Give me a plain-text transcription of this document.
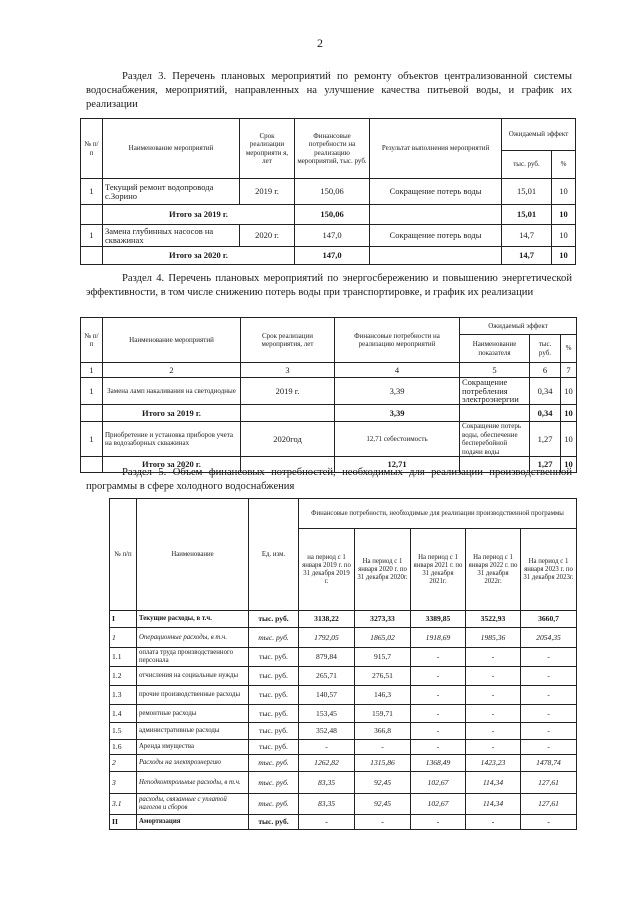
2

Раздел 3. Перечень плановых мероприятий по ремонту объектов централизованной системы водоснабжения, мероприятий, направленных на улучшение качества питьевой воды, и график их реализации

№ п/п	Наименование мероприятий	Срок реализации мероприяти я, лет	Финансовые потребности на реализацию мероприятий, тыс. руб.	Результат выполнения мероприятий	Ожидаемый эффект	
					тыс. руб.	%
1	Текущий ремонт водопровода с.Зорино	2019 г.	150,06	Сокращение потерь воды	15,01	10
	Итого за 2019 г.		150,06		15,01	10
1	Замена глубинных насосов на скважинах	2020 г.	147,0	Сокращение потерь воды	14,7	10
	Итого за 2020 г.		147,0		14,7	10

Раздел 4. Перечень плановых мероприятий по энергосбережению и повышению энергетической эффективности, в том числе снижению потерь воды при транспортировке, и график их реализации

№ п/п	Наименование мероприятий	Срок реализации мероприятия, лет	Финансовые потребности на реализацию мероприятий	Ожидаемый эффект		
				Наименование показателя	тыс. руб.	%
1	2	3	4	5	6	7
1	Замена ламп накаливания на светодиодные	2019 г.	3,39	Сокращение потребления электроэнергии	0,34	10
	Итого за 2019 г.		3,39		0,34	10
1	Приобретение и установка приборов учета на водозаборных скважинах	2020год	12,71 себестоимость	Сокращение потерь воды, обеспечение бесперебойной подачи воды	1,27	10
	Итого за 2020 г.		12,71		1,27	10

Раздел 5. Объем финансовых потребностей, необходимых для реализации производственной программы в сфере холодного водоснабжения

№ п/п	Наименование	Ед. изм.	Финансовые потребности, необходимые для реализации производственной программы				
			на период с 1 января 2019 г. по 31 декабря 2019 г.	На период с 1 января 2020 г. по 31 декабря 2020г.	На период с 1 января 2021 г. по 31 декабря 2021г.	На период с 1 января 2022 г. по 31 декабря 2022г.	На период с 1 января 2023 г. по 31 декабря 2023г.
I	Текущие расходы, в т.ч.	тыс. руб.	3138,22	3273,33	3389,85	3522,93	3660,7
1	Операционные расходы, в т.ч.	тыс. руб.	1792,05	1865,02	1918,69	1985,36	2054,35
1.1	оплата труда производственного персонала	тыс. руб.	879,84	915,7	-	-	-
1.2	отчисления на социальные нужды	тыс. руб.	265,71	276,51	-	-	-
1.3	прочие производственные расходы	тыс. руб.	140,57	146,3	-	-	-
1.4	ремонтные расходы	тыс. руб.	153,45	159,71	-	-	-
1.5	административные расходы	тыс. руб.	352,48	366,8	-	-	-
1.6	Аренда имущества	тыс. руб.	-	-	-	-	-
2	Расходы на электроэнергию	тыс. руб.	1262,82	1315,86	1368,49	1423,23	1478,74
3	Неподконтрольные расходы, в т.ч.	тыс. руб.	83,35	92,45	102,67	114,34	127,61
3.1	расходы, связанные с уплатой налогов и сборов	тыс. руб.	83,35	92,45	102,67	114,34	127,61
II	Амортизация	тыс. руб.	-	-	-	-	-
